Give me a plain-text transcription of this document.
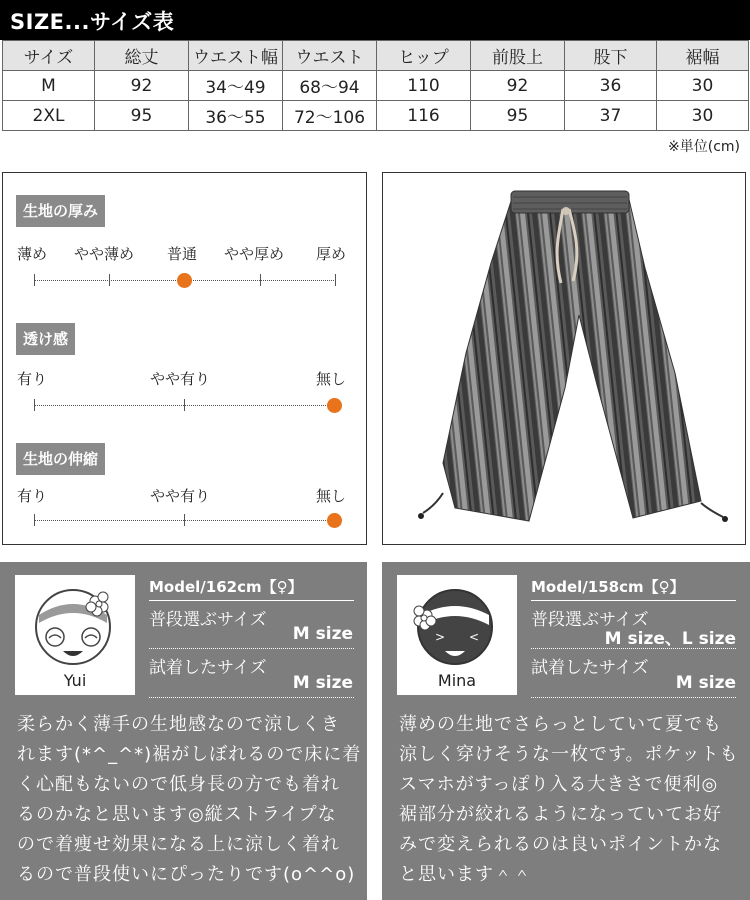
SIZE...サイズ表
サイズ	総丈	ウエスト幅	ウエスト	ヒップ	前股上	股下	裾幅
M	92	34〜49	68〜94	110	92	36	30
2XL	95	36〜55	72〜106	116	95	37	30
※単位(cm)
生地の厚み
薄め やや薄め 普通 やや厚め 厚め
透け感
有り	やや有り	無し
生地の伸縮
有り	やや有り	無し
Yui
Model/162cm【♀】
普段選ぶサイズ
M size
試着したサイズ
M size
柔らかく薄手の生地感なので涼しくき
れます(*^_^*)裾がしぼれるので床に着
く心配もないので低身長の方でも着れ
るのかなと思います◎縦ストライプな
ので着痩せ効果になる上に涼しく着れ
るので普段使いにぴったりです(o^^o)
> <
Mina
Model/158cm【♀】
普段選ぶサイズ
M size、L size
試着したサイズ
M size
薄めの生地でさらっとしていて夏でも
涼しく穿けそうな一枚です。ポケットも
スマホがすっぽり入る大きさで便利◎
裾部分が絞れるようになっていてお好
みで変えられるのは良いポイントかな
と思います＾＾
